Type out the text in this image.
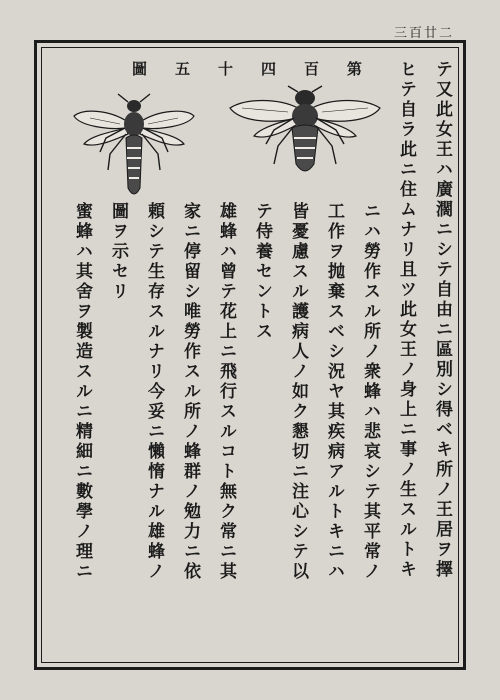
三百廿二
圖 五 十 四 百 第	テ又此女王ハ廣濶ニシテ自由ニ區別シ得ベキ所ノ王居ヲ擇
ヒテ自ラ此ニ住ムナリ且ツ此女王ノ身上ニ事ノ生スルトキ
ニハ勞作スル所ノ衆蜂ハ悲哀シテ其平常ノ
工作ヲ抛棄スベシ況ヤ其疾病アルトキニハ
皆憂慮スル護病人ノ如ク懇切ニ注心シテ以
テ侍養セントス
雄蜂ハ曾テ花上ニ飛行スルコト無ク常ニ其
家ニ停留シ唯勞作スル所ノ蜂群ノ勉力ニ依
頼シテ生存スルナリ今妥ニ懶惰ナル雄蜂ノ
圖ヲ示セリ
蜜蜂ハ其舍ヲ製造スルニ精細ニ數學ノ理ニ
